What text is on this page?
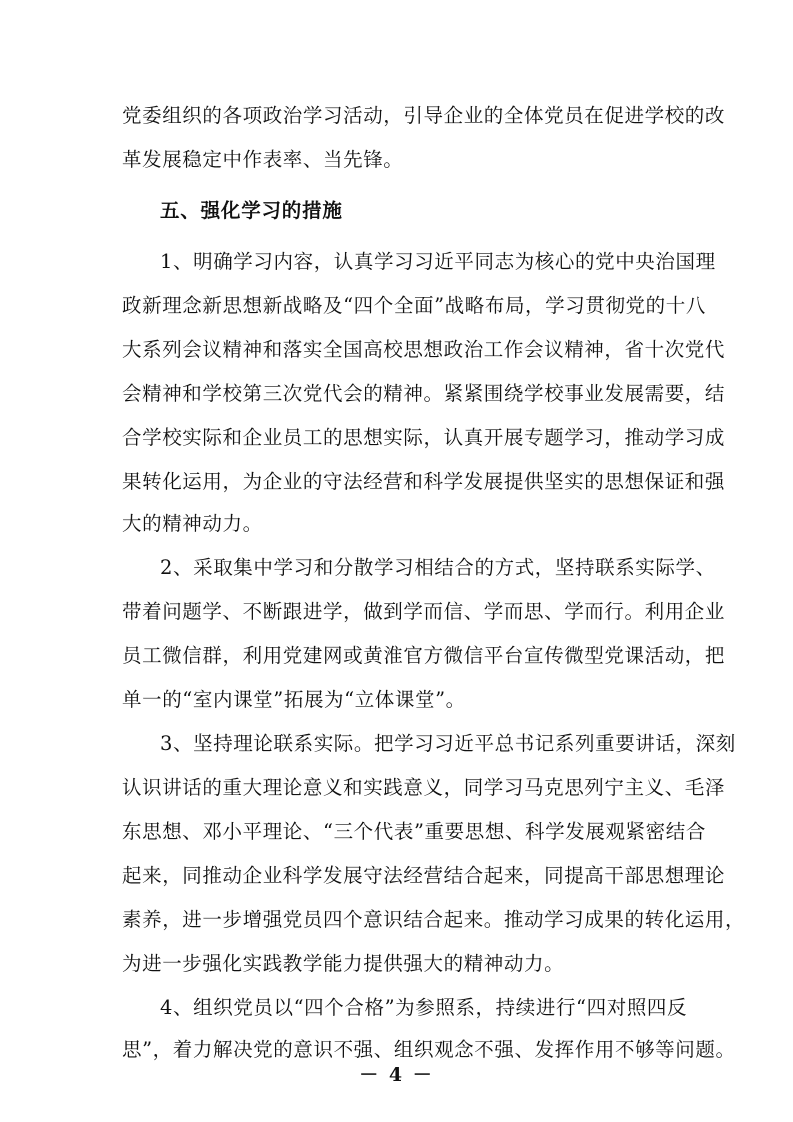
党委组织的各项政治学习活动，引导企业的全体党员在促进学校的改
革发展稳定中作表率、当先锋。
五、强化学习的措施
1、明确学习内容，认真学习习近平同志为核心的党中央治国理
政新理念新思想新战略及“四个全面”战略布局，学习贯彻党的十八
大系列会议精神和落实全国高校思想政治工作会议精神，省十次党代
会精神和学校第三次党代会的精神。紧紧围绕学校事业发展需要，结
合学校实际和企业员工的思想实际，认真开展专题学习，推动学习成
果转化运用，为企业的守法经营和科学发展提供坚实的思想保证和强
大的精神动力。
2、采取集中学习和分散学习相结合的方式，坚持联系实际学、
带着问题学、不断跟进学，做到学而信、学而思、学而行。利用企业
员工微信群，利用党建网或黄淮官方微信平台宣传微型党课活动，把
单一的“室内课堂”拓展为“立体课堂”。
3、坚持理论联系实际。把学习习近平总书记系列重要讲话，深刻
认识讲话的重大理论意义和实践意义，同学习马克思列宁主义、毛泽
东思想、邓小平理论、“三个代表”重要思想、科学发展观紧密结合
起来，同推动企业科学发展守法经营结合起来，同提高干部思想理论
素养，进一步增强党员四个意识结合起来。推动学习成果的转化运用，
为进一步强化实践教学能力提供强大的精神动力。
4、组织党员以“四个合格”为参照系，持续进行“四对照四反
思”，着力解决党的意识不强、组织观念不强、发挥作用不够等问题。
－ 4 －
